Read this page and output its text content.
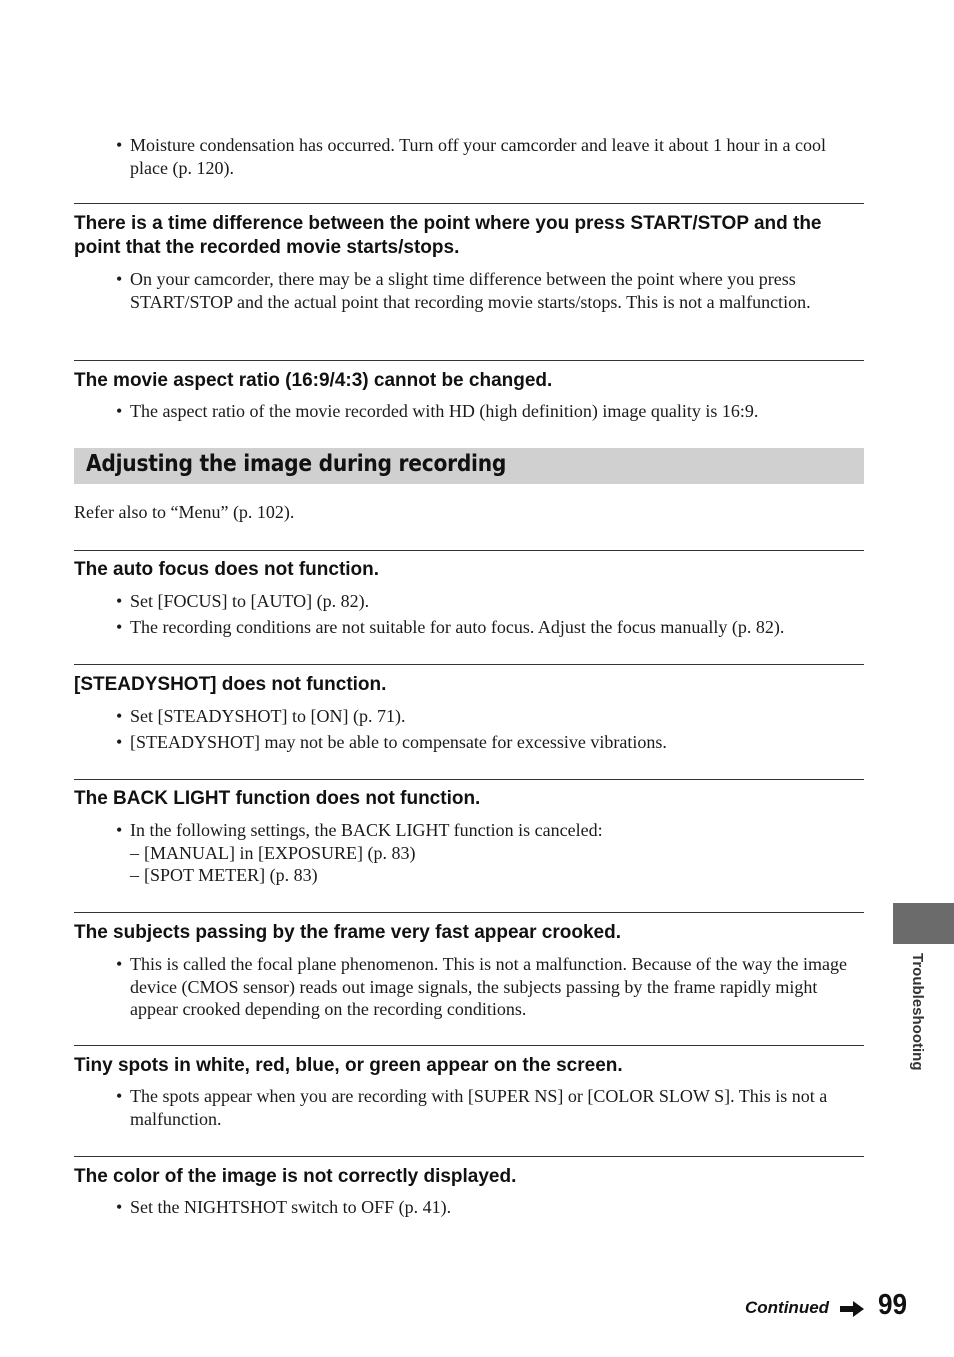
• Moisture condensation has occurred. Turn off your camcorder and leave it about 1 hour in a cool place (p. 120).
There is a time difference between the point where you press START/STOP and the point that the recorded movie starts/stops.
• On your camcorder, there may be a slight time difference between the point where you press START/STOP and the actual point that recording movie starts/stops. This is not a malfunction.
The movie aspect ratio (16:9/4:3) cannot be changed.
• The aspect ratio of the movie recorded with HD (high definition) image quality is 16:9.
Adjusting the image during recording
Refer also to “Menu” (p. 102).
The auto focus does not function.
• Set [FOCUS] to [AUTO] (p. 82).
• The recording conditions are not suitable for auto focus. Adjust the focus manually (p. 82).
[STEADYSHOT] does not function.
• Set [STEADYSHOT] to [ON] (p. 71).
• [STEADYSHOT] may not be able to compensate for excessive vibrations.
The BACK LIGHT function does not function.
• In the following settings, the BACK LIGHT function is canceled:
– [MANUAL] in [EXPOSURE] (p. 83)
– [SPOT METER] (p. 83)
The subjects passing by the frame very fast appear crooked.
• This is called the focal plane phenomenon. This is not a malfunction. Because of the way the image device (CMOS sensor) reads out image signals, the subjects passing by the frame rapidly might appear crooked depending on the recording conditions.
Tiny spots in white, red, blue, or green appear on the screen.
• The spots appear when you are recording with [SUPER NS] or [COLOR SLOW S]. This is not a malfunction.
The color of the image is not correctly displayed.
• Set the NIGHTSHOT switch to OFF (p. 41).
Troubleshooting
Continued 99
